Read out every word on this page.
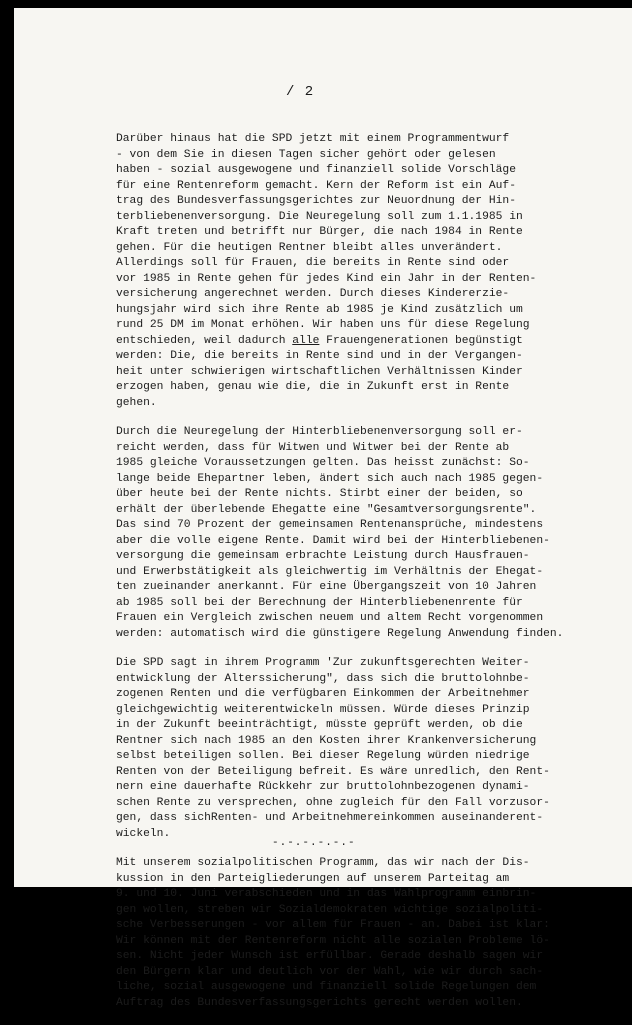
/ 2
Darüber hinaus hat die SPD jetzt mit einem Programmentwurf
- von dem Sie in diesen Tagen sicher gehört oder gelesen
haben - sozial ausgewogene und finanziell solide Vorschläge
für eine Rentenreform gemacht. Kern der Reform ist ein Auf-
trag des Bundesverfassungsgerichtes zur Neuordnung der Hin-
terbliebenenversorgung. Die Neuregelung soll zum 1.1.1985 in
Kraft treten und betrifft nur Bürger, die nach 1984 in Rente
gehen. Für die heutigen Rentner bleibt alles unverändert.
Allerdings soll für Frauen, die bereits in Rente sind oder
vor 1985 in Rente gehen für jedes Kind ein Jahr in der Renten-
versicherung angerechnet werden. Durch dieses Kindererzie-
hungsjahr wird sich ihre Rente ab 1985 je Kind zusätzlich um
rund 25 DM im Monat erhöhen. Wir haben uns für diese Regelung
entschieden, weil dadurch alle Frauengenerationen begünstigt
werden: Die, die bereits in Rente sind und in der Vergangen-
heit unter schwierigen wirtschaftlichen Verhältnissen Kinder
erzogen haben, genau wie die, die in Zukunft erst in Rente
gehen.
Durch die Neuregelung der Hinterbliebenenversorgung soll er-
reicht werden, dass für Witwen und Witwer bei der Rente ab
1985 gleiche Voraussetzungen gelten. Das heisst zunächst: So-
lange beide Ehepartner leben, ändert sich auch nach 1985 gegen-
über heute bei der Rente nichts. Stirbt einer der beiden, so
erhält der überlebende Ehegatte eine "Gesamtversorgungsrente".
Das sind 70 Prozent der gemeinsamen Rentenansprüche, mindestens
aber die volle eigene Rente. Damit wird bei der Hinterbliebenen-
versorgung die gemeinsam erbrachte Leistung durch Hausfrauen-
und Erwerbstätigkeit als gleichwertig im Verhältnis der Ehegat-
ten zueinander anerkannt. Für eine Übergangszeit von 10 Jahren
ab 1985 soll bei der Berechnung der Hinterbliebenenrente für
Frauen ein Vergleich zwischen neuem und altem Recht vorgenommen
werden: automatisch wird die günstigere Regelung Anwendung finden.
Die SPD sagt in ihrem Programm 'Zur zukunftsgerechten Weiter-
entwicklung der Alterssicherung", dass sich die bruttolohnbe-
zogenen Renten und die verfügbaren Einkommen der Arbeitnehmer
gleichgewichtig weiterentwickeln müssen. Würde dieses Prinzip
in der Zukunft beeinträchtigt, müsste geprüft werden, ob die
Rentner sich nach 1985 an den Kosten ihrer Krankenversicherung
selbst beteiligen sollen. Bei dieser Regelung würden niedrige
Renten von der Beteiligung befreit. Es wäre unredlich, den Rent-
nern eine dauerhafte Rückkehr zur bruttolohnbezogenen dynami-
schen Rente zu versprechen, ohne zugleich für den Fall vorzusor-
gen, dass sichRenten- und Arbeitnehmereinkommen auseinanderent-
wickeln.
Mit unserem sozialpolitischen Programm, das wir nach der Dis-
kussion in den Parteigliederungen auf unserem Parteitag am
9. und 10. Juni verabschieden und in das Wahlprogramm einbrin-
gen wollen, streben wir Sozialdemokraten wichtige sozialpoliti-
sche Verbesserungen - vor allem für Frauen - an. Dabei ist klar:
Wir können mit der Rentenreform nicht alle sozialen Probleme lö-
sen. Nicht jeder Wunsch ist erfüllbar. Gerade deshalb sagen wir
den Bürgern klar und deutlich vor der Wahl, wie wir durch sach-
liche, sozial ausgewogene und finanziell solide Regelungen dem
Auftrag des Bundesverfassungsgerichts gerecht werden wollen.
-.-.-.-.-.-
